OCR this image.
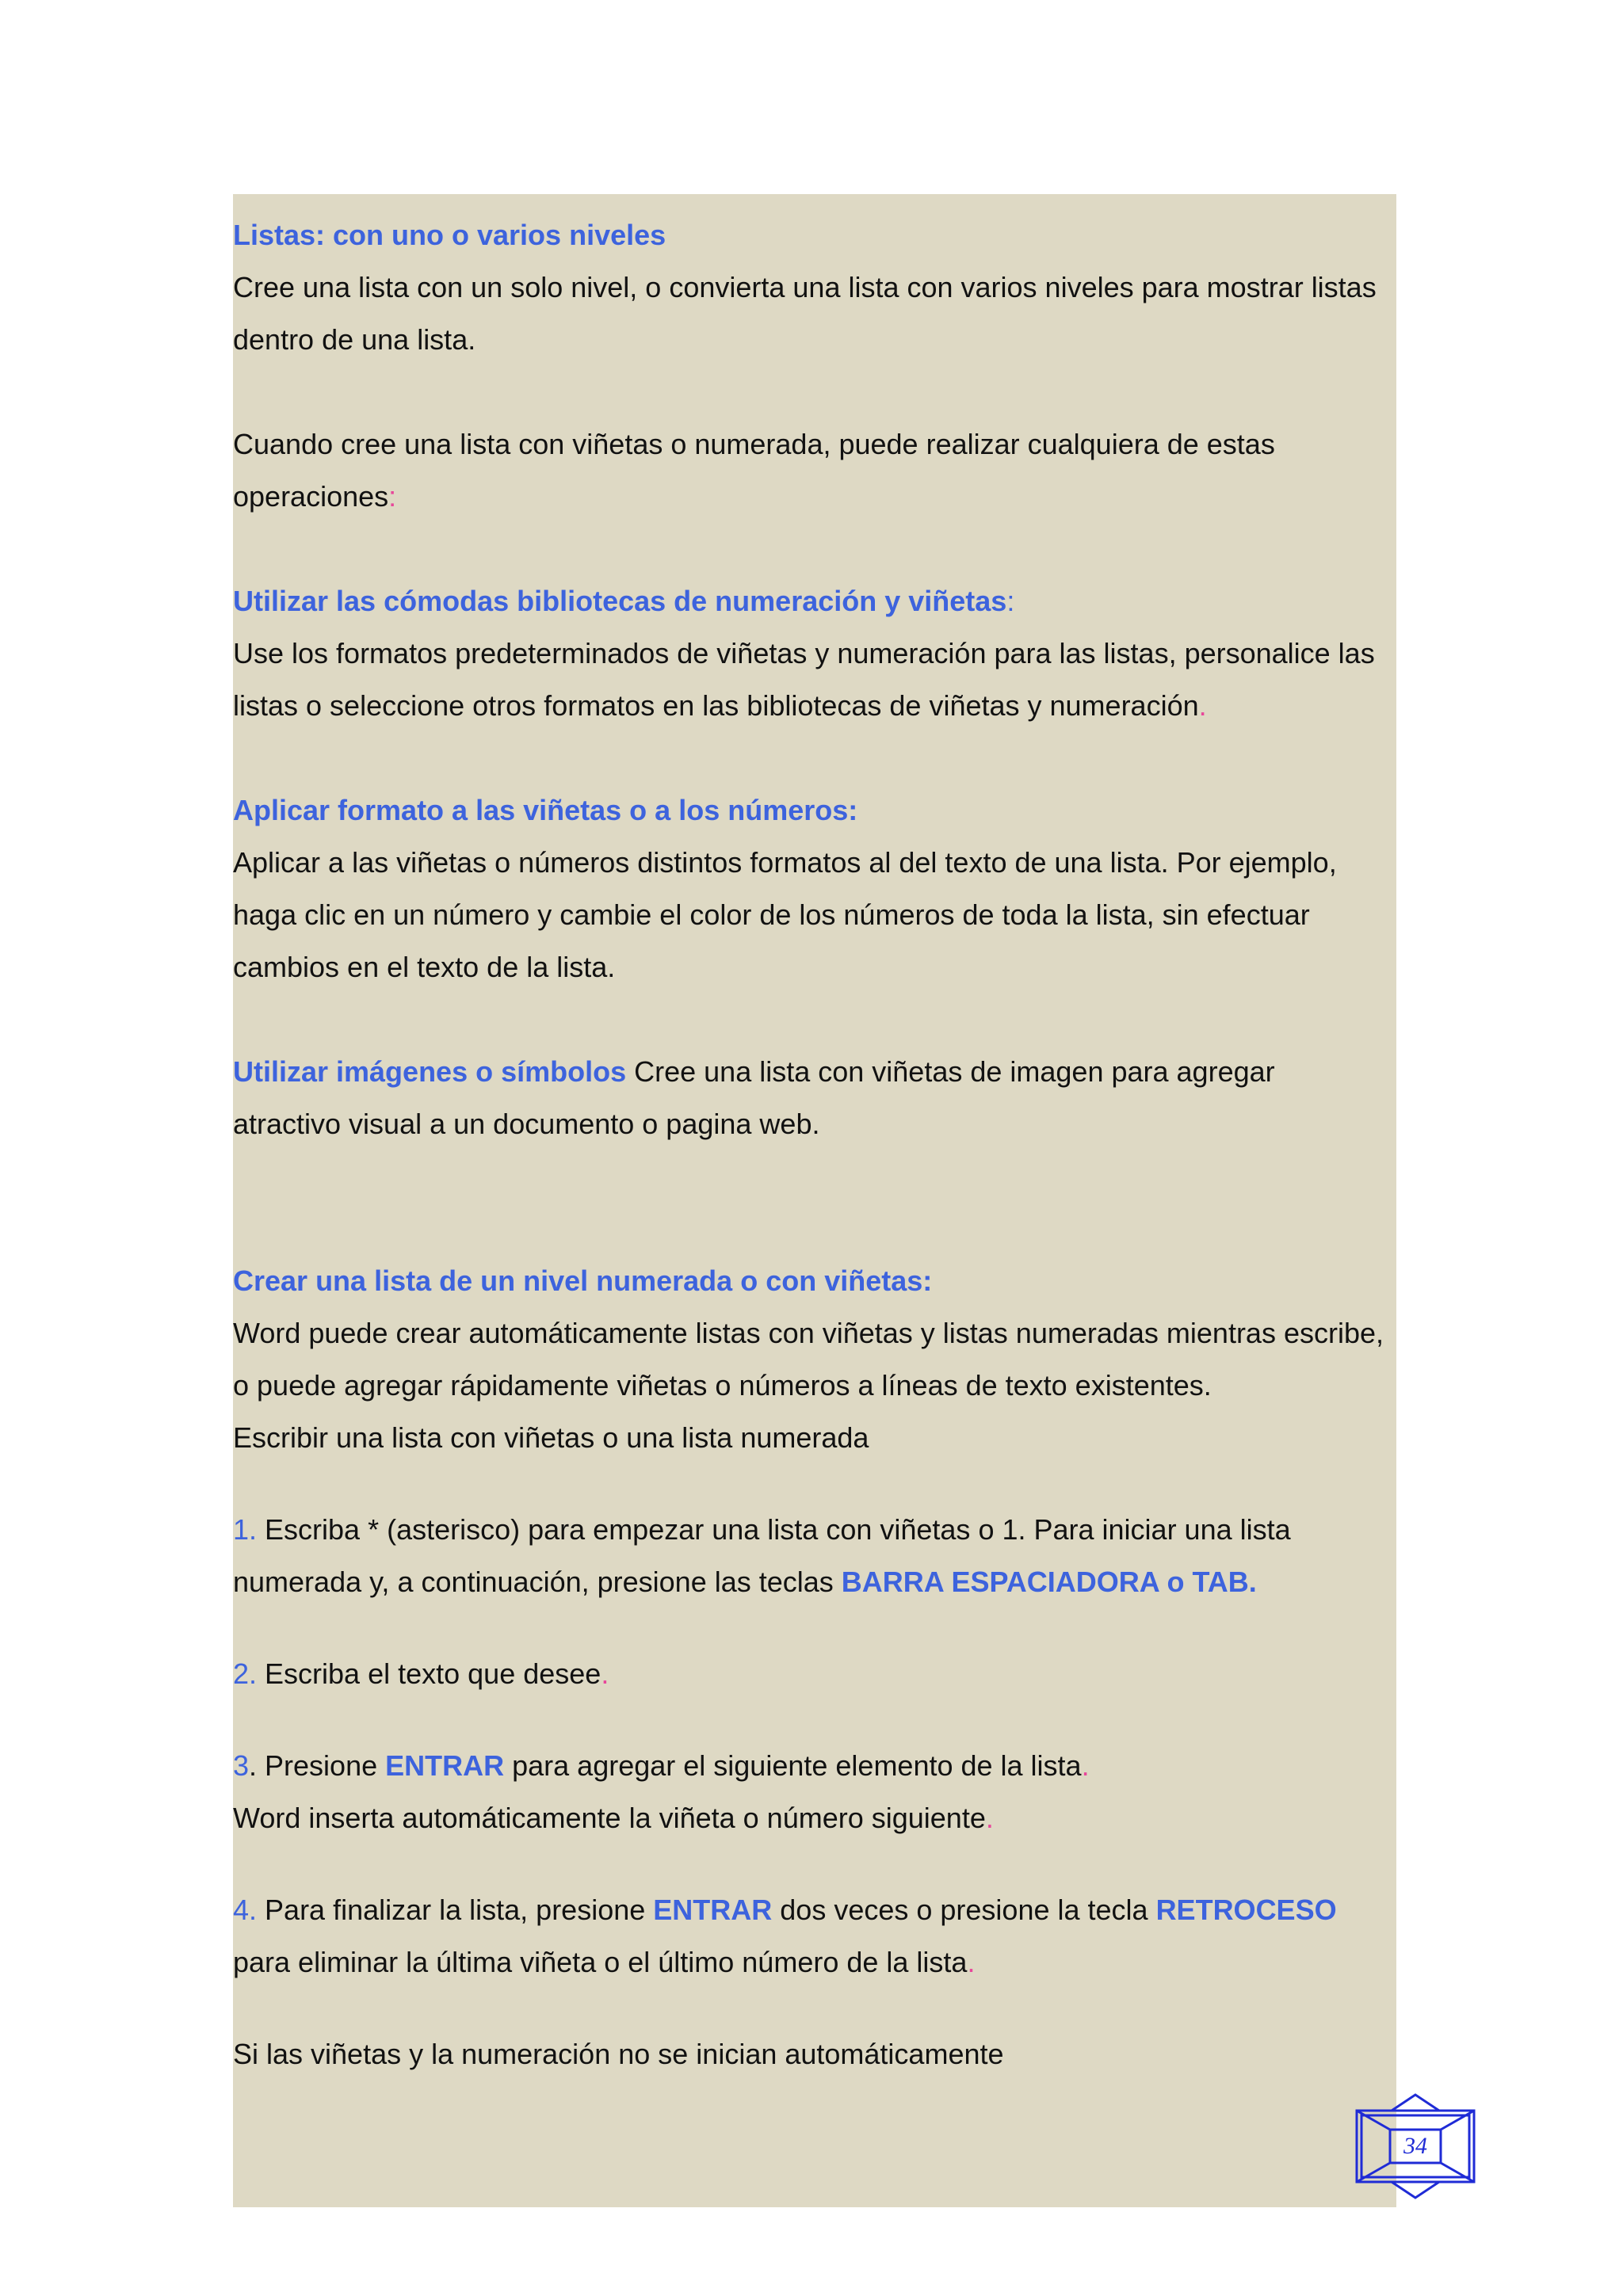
Listas: con uno o varios niveles

Cree una lista con un solo nivel, o convierta una lista con varios niveles para mostrar listas

dentro de una lista.

Cuando cree una lista con viñetas o numerada, puede realizar cualquiera de estas

operaciones:

Utilizar las cómodas bibliotecas de numeración y viñetas:

Use los formatos predeterminados de viñetas y numeración para las listas, personalice las

listas o seleccione otros formatos en las bibliotecas de viñetas y numeración.

Aplicar formato a las viñetas o a los números:

Aplicar a las viñetas o números distintos formatos al del texto de una lista. Por ejemplo,

haga clic en un número y cambie el color de los números de toda la lista, sin efectuar

cambios en el texto de la lista.

Utilizar imágenes o símbolos Cree una lista con viñetas de imagen para agregar

atractivo visual a un documento o pagina web.

Crear una lista de un nivel numerada o con viñetas:

Word puede crear automáticamente listas con viñetas y listas numeradas mientras escribe,

o puede agregar rápidamente viñetas o números a líneas de texto existentes.

Escribir una lista con viñetas o una lista numerada

1. Escriba * (asterisco) para empezar una lista con viñetas o 1. Para iniciar una lista

numerada y, a continuación, presione las teclas BARRA ESPACIADORA o TAB.

2. Escriba el texto que desee.

3. Presione ENTRAR para agregar el siguiente elemento de la lista.

Word inserta automáticamente la viñeta o número siguiente.

4. Para finalizar la lista, presione ENTRAR dos veces o presione la tecla RETROCESO

para eliminar la última viñeta o el último número de la lista.

Si las viñetas y la numeración no se inician automáticamente

34
